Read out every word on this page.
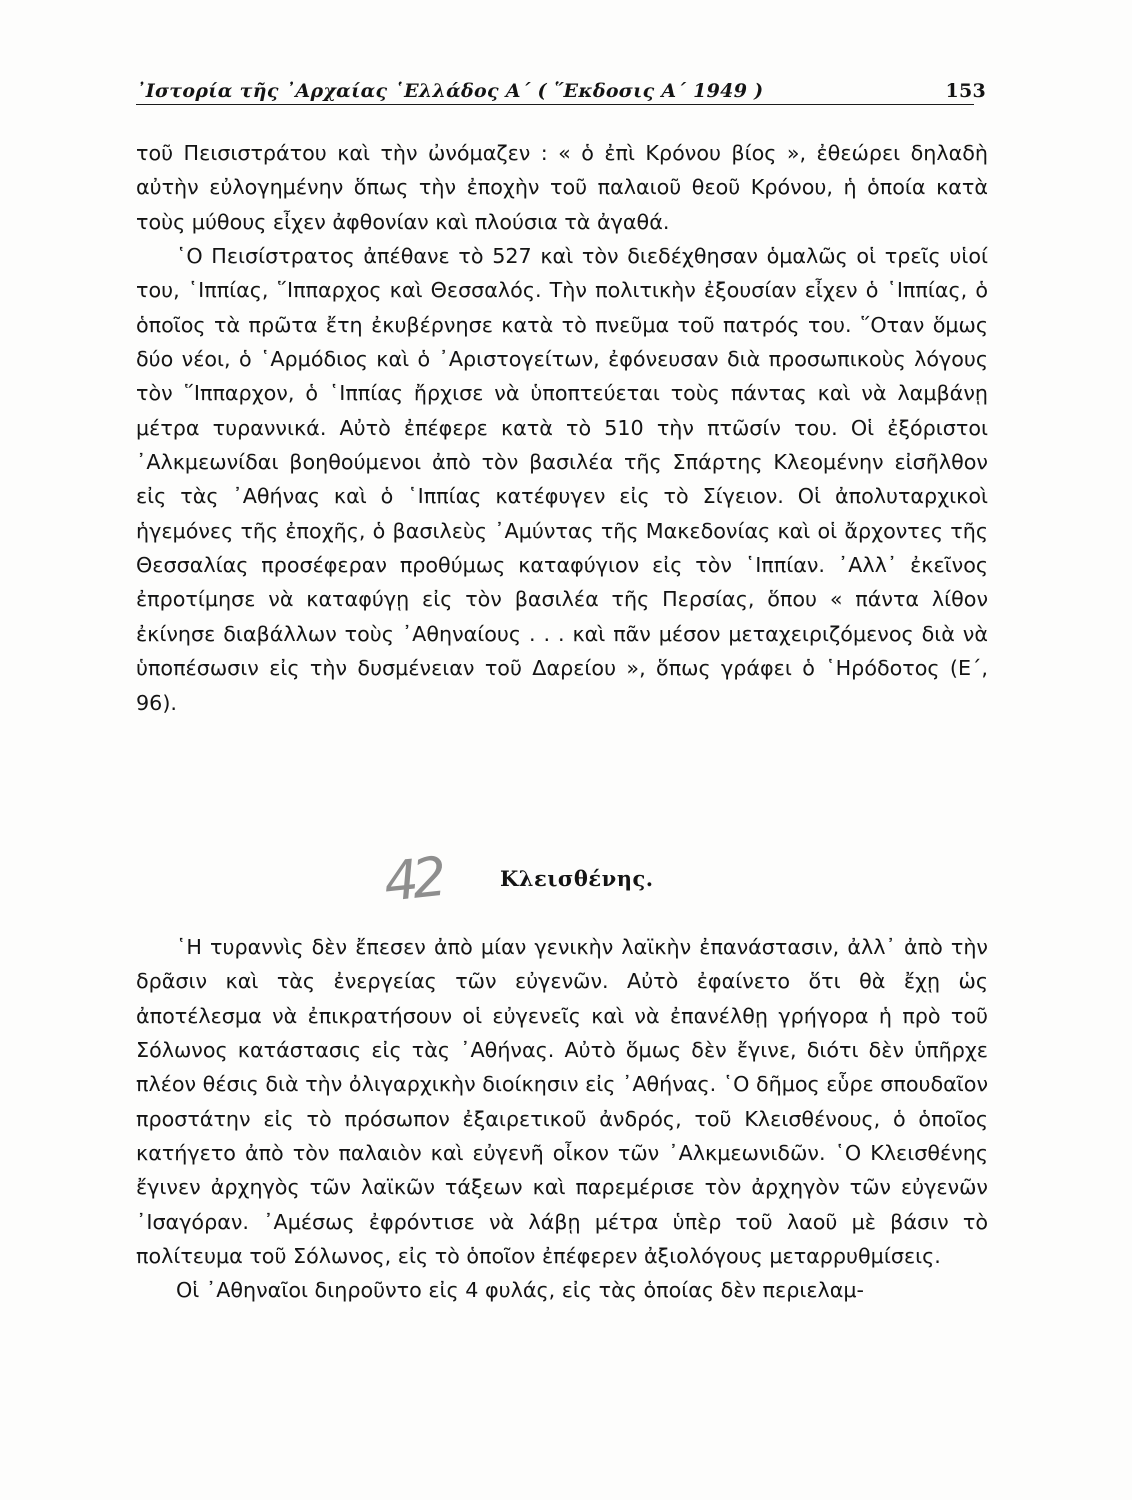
᾽Ιστορία τῆς ᾽Αρχαίας ῾Ελλάδος Α΄ ( ῞Εκδοσις Α΄ 1949 )	153

τοῦ Πεισιστράτου καὶ τὴν ὠνόμαζεν : « ὁ ἐπὶ Κρόνου βίος », ἐθεώρει δηλαδὴ αὐτὴν εὐλογημένην ὅπως τὴν ἐποχὴν τοῦ παλαιοῦ θεοῦ Κρόνου, ἡ ὁποία κατὰ τοὺς μύθους εἶχεν ἀφθονίαν καὶ πλούσια τὰ ἀγαθά.

῾Ο Πεισίστρατος ἀπέθανε τὸ 527 καὶ τὸν διεδέχθησαν ὁμαλῶς οἱ τρεῖς υἱοί του, ῾Ιππίας, ῞Ιππαρχος καὶ Θεσσαλός. Τὴν πολιτικὴν ἐξουσίαν εἶχεν ὁ ῾Ιππίας, ὁ ὁποῖος τὰ πρῶτα ἔτη ἐκυβέρνησε κατὰ τὸ πνεῦμα τοῦ πατρός του. ῞Οταν ὅμως δύο νέοι, ὁ ῾Αρμόδιος καὶ ὁ ᾽Αριστογείτων, ἐφόνευσαν διὰ προσωπικοὺς λόγους τὸν ῞Ιππαρχον, ὁ ῾Ιππίας ἤρχισε νὰ ὑποπτεύεται τοὺς πάντας καὶ νὰ λαμβάνῃ μέτρα τυραννικά. Αὐτὸ ἐπέφερε κατὰ τὸ 510 τὴν πτῶσίν του. Οἱ ἐξόριστοι ᾽Αλκμεωνίδαι βοηθούμενοι ἀπὸ τὸν βασιλέα τῆς Σπάρτης Κλεομένην εἰσῆλθον εἰς τὰς ᾽Αθήνας καὶ ὁ ῾Ιππίας κατέφυγεν εἰς τὸ Σίγειον. Οἱ ἀπολυταρχικοὶ ἡγεμόνες τῆς ἐποχῆς, ὁ βασιλεὺς ᾽Αμύντας τῆς Μακεδονίας καὶ οἱ ἄρχοντες τῆς Θεσσαλίας προσέφεραν προθύμως καταφύγιον εἰς τὸν ῾Ιππίαν. ᾽Αλλ᾽ ἐκεῖνος ἐπροτίμησε νὰ καταφύγῃ εἰς τὸν βασιλέα τῆς Περσίας, ὅπου « πάντα λίθον ἐκίνησε διαβάλλων τοὺς ᾽Αθηναίους . . . καὶ πᾶν μέσον μεταχειριζόμενος διὰ νὰ ὑποπέσωσιν εἰς τὴν δυσμένειαν τοῦ Δαρείου », ὅπως γράφει ὁ ῾Ηρόδοτος (Ε΄, 96).

42	Κλεισθένης.

῾Η τυραννὶς δὲν ἔπεσεν ἀπὸ μίαν γενικὴν λαϊκὴν ἐπανάστασιν, ἀλλ᾽ ἀπὸ τὴν δρᾶσιν καὶ τὰς ἐνεργείας τῶν εὐγενῶν. Αὐτὸ ἐφαίνετο ὅτι θὰ ἔχῃ ὡς ἀποτέλεσμα νὰ ἐπικρατήσουν οἱ εὐγενεῖς καὶ νὰ ἐπανέλθῃ γρήγορα ἡ πρὸ τοῦ Σόλωνος κατάστασις εἰς τὰς ᾽Αθήνας. Αὐτὸ ὅμως δὲν ἔγινε, διότι δὲν ὑπῆρχε πλέον θέσις διὰ τὴν ὀλιγαρχικὴν διοίκησιν εἰς ᾽Αθήνας. ῾Ο δῆμος εὗρε σπουδαῖον προστάτην εἰς τὸ πρόσωπον ἐξαιρετικοῦ ἀνδρός, τοῦ Κλεισθένους, ὁ ὁποῖος κατήγετο ἀπὸ τὸν παλαιὸν καὶ εὐγενῆ οἶκον τῶν ᾽Αλκμεωνιδῶν. ῾Ο Κλεισθένης ἔγινεν ἀρχηγὸς τῶν λαϊκῶν τάξεων καὶ παρεμέρισε τὸν ἀρχηγὸν τῶν εὐγενῶν ᾽Ισαγόραν. ᾽Αμέσως ἐφρόντισε νὰ λάβῃ μέτρα ὑπὲρ τοῦ λαοῦ μὲ βάσιν τὸ πολίτευμα τοῦ Σόλωνος, εἰς τὸ ὁποῖον ἐπέφερεν ἀξιολόγους μεταρρυθμίσεις.

Οἱ ᾽Αθηναῖοι διηροῦντο εἰς 4 φυλάς, εἰς τὰς ὁποίας δὲν περιελαμ-
